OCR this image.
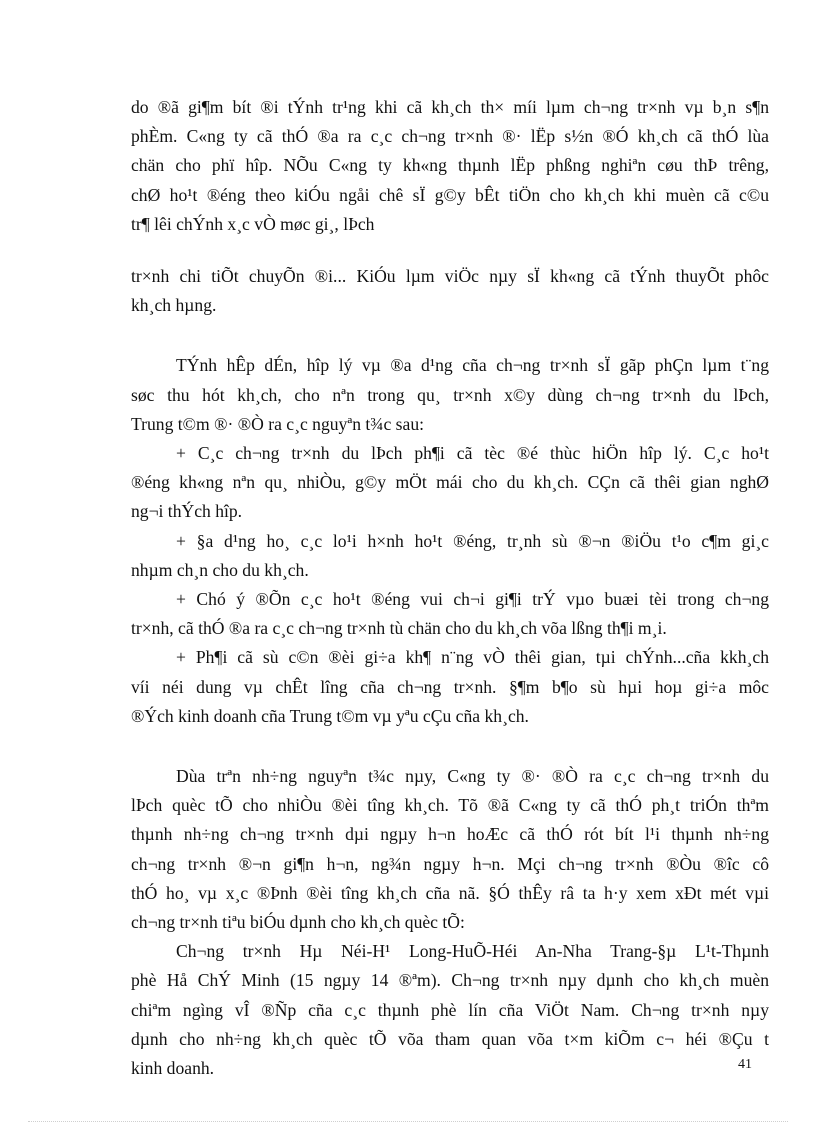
do ®ã gi¶m bít ®i tÝnh tr¹ng khi cã kh¸ch th× míi lµm ch¬ng tr×nh vµ b¸n s¶n
phÈm. C«ng ty cã thÓ ®a ra c¸c ch¬ng tr×nh ®· lËp s½n ®Ó kh¸ch cã thÓ lùa
chän cho phï hîp. NÕu C«ng ty kh«ng thµnh lËp phßng nghiªn cøu thÞ trêng,
chØ ho¹t ®éng theo kiÓu ngåi chê sÏ g©y bÊt tiÖn cho kh¸ch khi muèn cã c©u
tr¶ lêi chÝnh x¸c vÒ møc gi¸, lÞch
tr×nh chi tiÕt chuyÕn ®i... KiÓu lµm viÖc nµy sÏ kh«ng cã tÝnh thuyÕt phôc
kh¸ch hµng.
TÝnh hÊp dÉn, hîp lý vµ ®a d¹ng cña ch¬ng tr×nh sÏ gãp phÇn lµm t¨ng
søc thu hót kh¸ch, cho nªn trong qu¸ tr×nh x©y dùng ch¬ng tr×nh du lÞch,
Trung t©m ®· ®Ò ra c¸c nguyªn t¾c sau:
+ C¸c ch¬ng tr×nh du lÞch ph¶i cã tèc ®é thùc hiÖn hîp lý. C¸c ho¹t
®éng kh«ng nªn qu¸ nhiÒu, g©y mÖt mái cho du kh¸ch. CÇn cã thêi gian nghØ
ng¬i thÝch hîp.
+ §a d¹ng ho¸ c¸c lo¹i h×nh ho¹t ®éng, tr¸nh sù ®¬n ®iÖu t¹o c¶m gi¸c
nhµm ch¸n cho du kh¸ch.
+ Chó ý ®Õn c¸c ho¹t ®éng vui ch¬i gi¶i trÝ vµo buæi tèi trong ch¬ng
tr×nh, cã thÓ ®a ra c¸c ch¬ng tr×nh tù chän cho du kh¸ch võa lßng th¶i m¸i.
+ Ph¶i cã sù c©n ®èi gi÷a kh¶ n¨ng vÒ thêi gian, tµi chÝnh...cña kkh¸ch
víi néi dung vµ chÊt lîng cña ch¬ng tr×nh. §¶m b¶o sù hµi hoµ gi÷a môc
®Ých kinh doanh cña Trung t©m vµ yªu cÇu cña kh¸ch.
Dùa trªn nh÷ng nguyªn t¾c nµy, C«ng ty ®· ®Ò ra c¸c ch¬ng tr×nh du
lÞch quèc tÕ cho nhiÒu ®èi tîng kh¸ch. Tõ ®ã C«ng ty cã thÓ ph¸t triÓn thªm
thµnh nh÷ng ch¬ng tr×nh dµi ngµy h¬n hoÆc cã thÓ rót bít l¹i thµnh nh÷ng
ch¬ng tr×nh ®¬n gi¶n h¬n, ng¾n ngµy h¬n. Mçi ch¬ng tr×nh ®Òu ®îc cô
thÓ ho¸ vµ x¸c ®Þnh ®èi tîng kh¸ch cña nã. §Ó thÊy râ ta h·y xem xÐt mét vµi
ch¬ng tr×nh tiªu biÓu dµnh cho kh¸ch quèc tÕ:
Ch¬ng tr×nh Hµ Néi-H¹ Long-HuÕ-Héi An-Nha Trang-§µ L¹t-Thµnh
phè Hå ChÝ Minh (15 ngµy 14 ®ªm). Ch¬ng tr×nh nµy dµnh cho kh¸ch muèn
chiªm ngìng vÎ ®Ñp cña c¸c thµnh phè lín cña ViÖt Nam. Ch¬ng tr×nh nµy
dµnh cho nh÷ng kh¸ch quèc tÕ võa tham quan võa t×m kiÕm c¬ héi ®Çu t
kinh doanh.	41
